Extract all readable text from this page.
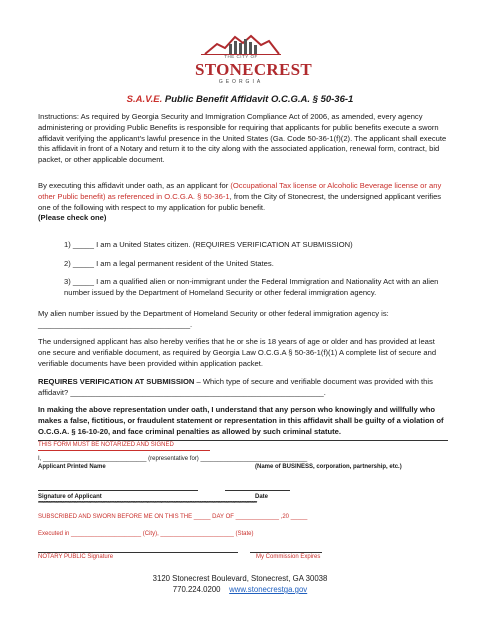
THE CITY OF
STONECREST
GEORGIA
S.A.V.E. Public Benefit Affidavit O.C.G.A. § 50-36-1
Instructions: As required by Georgia Security and Immigration Compliance Act of 2006, as amended, every agency administering or providing Public Benefits is responsible for requiring that applicants for public benefits execute a sworn affidavit verifying the applicant’s lawful presence in the United States (Ga. Code 50-36-1(f)(2). The applicant shall execute this affidavit in front of a Notary and return it to the city along with the associated application, renewal form, contract, bid packet, or other applicable document.
By executing this affidavit under oath, as an applicant for (Occupational Tax license or Alcoholic Beverage license or any other Public benefit) as referenced in O.C.G.A. § 50-36-1, from the City of Stonecrest, the undersigned applicant verifies one of the following with respect to my application for public benefit.
(Please check one)
1) _____ I am a United States citizen. (REQUIRES VERIFICATION AT SUBMISSION)
2) _____ I am a legal permanent resident of the United States.
3) _____ I am a qualified alien or non-immigrant under the Federal Immigration and Nationality Act with an alien number issued by the Department of Homeland Security or other federal immigration agency.
My alien number issued by the Department of Homeland Security or other federal immigration agency is: ____________________________________.
The undersigned applicant has also hereby verifies that he or she is 18 years of age or older and has provided at least one secure and verifiable document, as required by Georgia Law O.C.G.A § 50-36-1(f)(1) A complete list of secure and verifiable documents have been provided within application packet.
REQUIRES VERIFICATION AT SUBMISSION – Which type of secure and verifiable document was provided with this affidavit? ____________________________________________________________.
In making the above representation under oath, I understand that any person who knowingly and willfully who makes a false, fictitious, or fraudulent statement or representation in this affidavit shall be guilty of a violation of O.C.G.A. § 16-10-20, and face criminal penalties as allowed by such criminal statute.
THIS FORM MUST BE NOTARIZED AND SIGNED
I, _______________________________ (representative for) ________________________________
Applicant Printed Name	(Name of BUSINESS, corporation, partnership, etc.)
Signature of Applicant	Date
******************************************************************************************************************************
SUBSCRIBED AND SWORN BEFORE ME ON THIS THE _____ DAY OF _____________ ,20 _____
Executed in _____________________ (City), ______________________ (State)
NOTARY PUBLIC Signature	My Commission Expires
3120 Stonecrest Boulevard, Stonecrest, GA 30038
770.224.0200 www.stonecrestga.gov
